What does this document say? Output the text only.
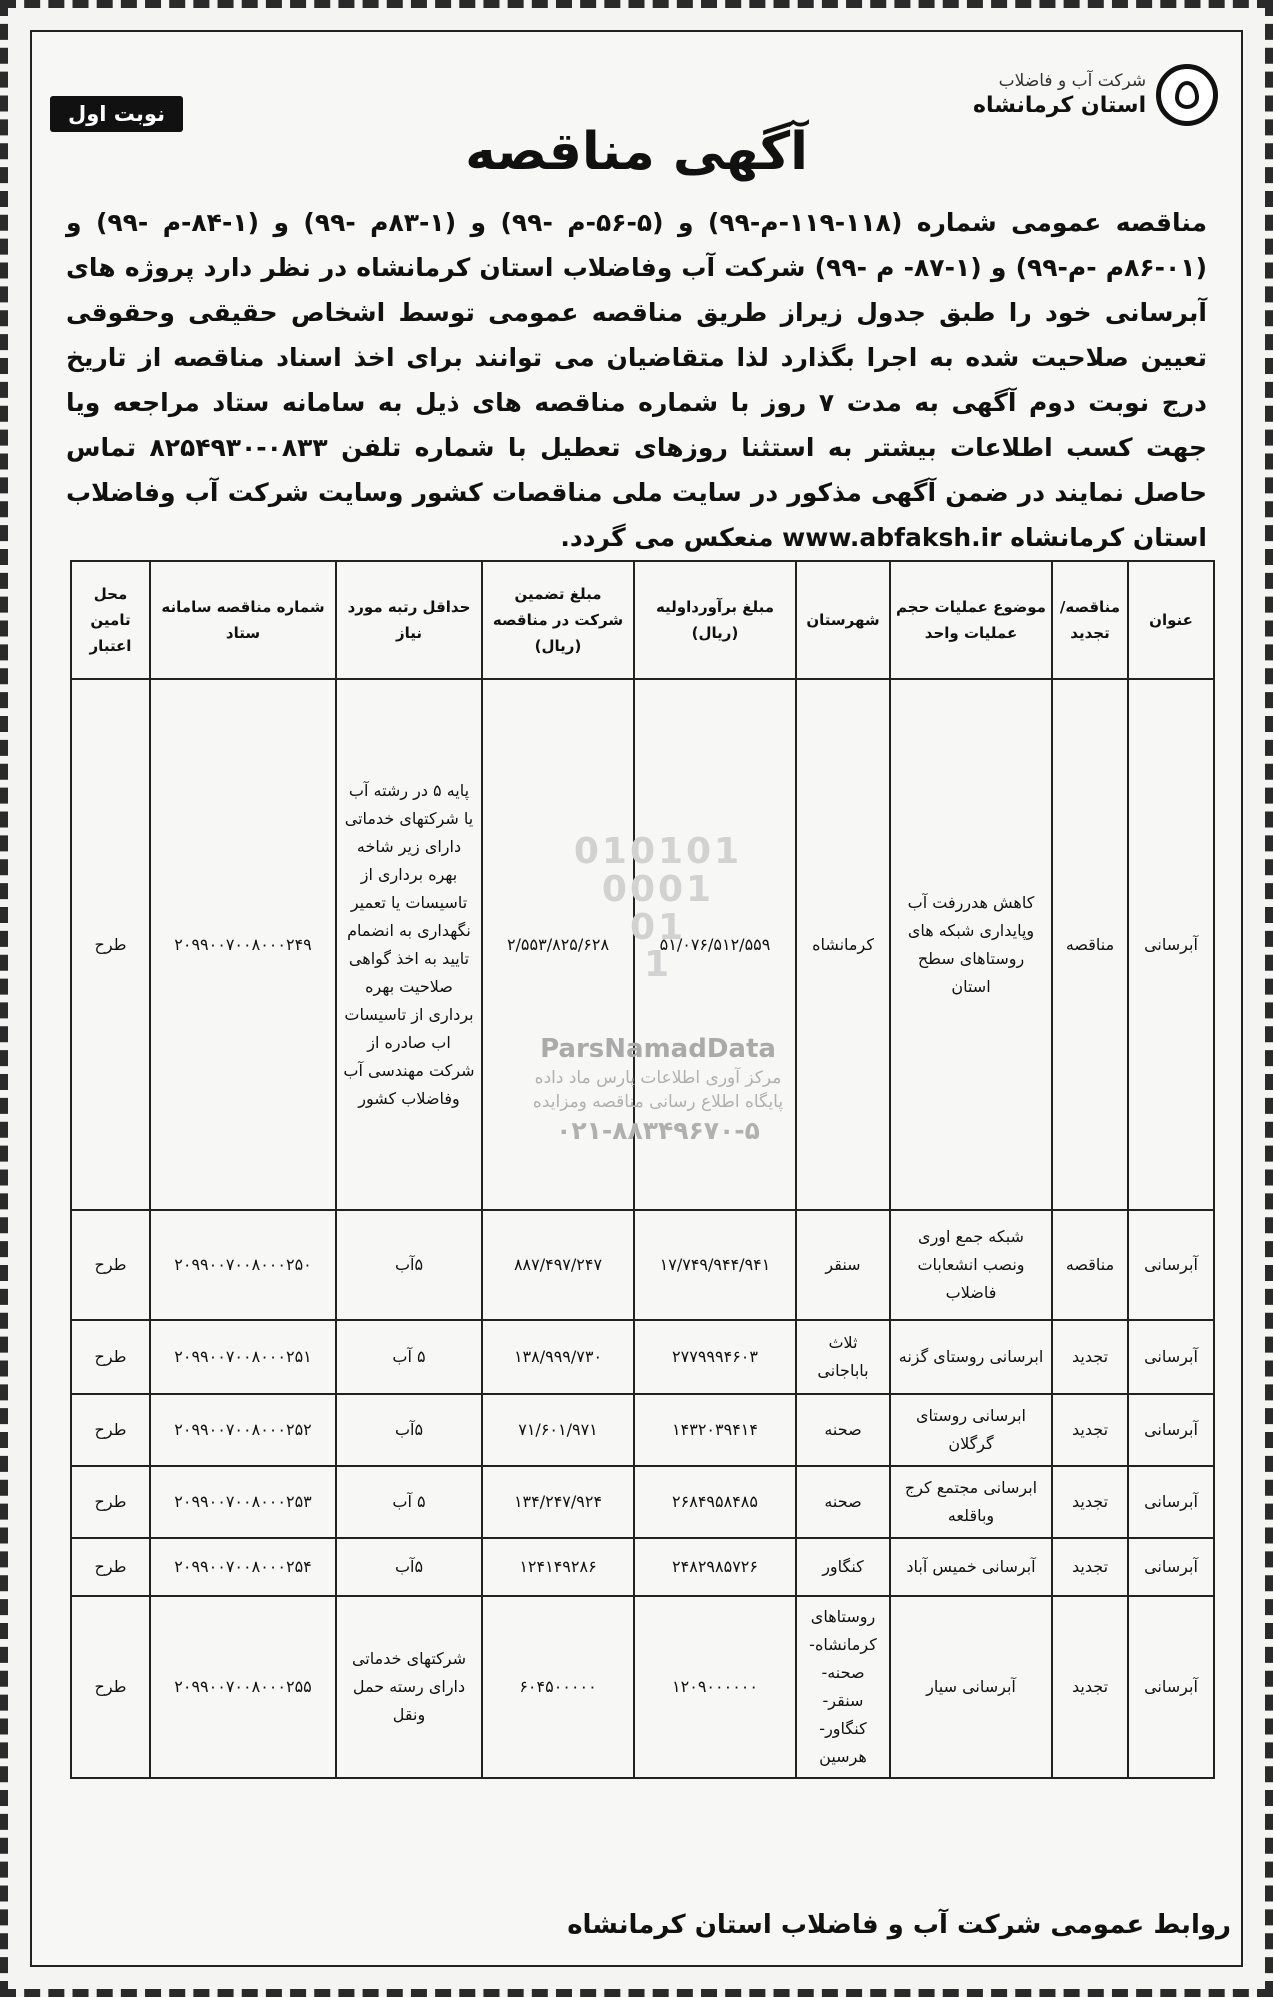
شرکت آب و فاضلاب
استان کرمانشاه
نوبت اول
آگهی مناقصه
مناقصه عمومی شماره (۱۱۸-۱۱۹-م-۹۹) و (۵-۵۶-م -۹۹) و (۱-۸۳م -۹۹) و (۱-۸۴-م -۹۹) و (۰۱-۸۶م -م-۹۹) و (۱-۸۷- م -۹۹) شرکت آب وفاضلاب استان کرمانشاه در نظر دارد پروژه های آبرسانی خود را طبق جدول زیراز طریق مناقصه عمومی توسط اشخاص حقیقی وحقوقی تعیین صلاحیت شده به اجرا بگذارد لذا متقاضیان می توانند برای اخذ اسناد مناقصه از تاریخ درج نوبت دوم آگهی به مدت ۷ روز با شماره مناقصه های ذیل به سامانه ستاد مراجعه ویا جهت کسب اطلاعات بیشتر به استثنا روزهای تعطیل با شماره تلفن ۰۸۳۳-۸۲۵۴۹۳۰ تماس حاصل نمایند در ضمن آگهی مذکور در سایت ملی مناقصات کشور وسایت شرکت آب وفاضلاب استان کرمانشاه www.abfaksh.ir منعکس می گردد.
عنوان	مناقصه/ تجدید	موضوع عملیات حجم عملیات واحد	شهرستان	مبلغ برآورداولیه (ریال)	مبلغ تضمین شرکت در مناقصه (ریال)	حداقل رتبه مورد نیاز	شماره مناقصه سامانه ستاد	محل تامین اعتبار
آبرسانی	مناقصه	کاهش هدررفت آب وپایداری شبکه های روستاهای سطح استان	کرمانشاه	۵۱/۰۷۶/۵۱۲/۵۵۹	۲/۵۵۳/۸۲۵/۶۲۸	پایه ۵ در رشته آب یا شرکتهای خدماتی دارای زیر شاخه بهره برداری از تاسیسات یا تعمیر نگهداری به انضمام تایید به اخذ گواهی صلاحیت بهره برداری از تاسیسات اب صادره از شرکت مهندسی آب وفاضلاب کشور	۲۰۹۹۰۰۷۰۰۸۰۰۰۲۴۹	طرح
آبرسانی	مناقصه	شبکه جمع اوری ونصب انشعابات فاضلاب	سنقر	۱۷/۷۴۹/۹۴۴/۹۴۱	۸۸۷/۴۹۷/۲۴۷	۵آب	۲۰۹۹۰۰۷۰۰۸۰۰۰۲۵۰	طرح
آبرسانی	تجدید	ابرسانی روستای گزنه	ثلاث باباجانی	۲۷۷۹۹۹۴۶۰۳	۱۳۸/۹۹۹/۷۳۰	۵ آب	۲۰۹۹۰۰۷۰۰۸۰۰۰۲۵۱	طرح
آبرسانی	تجدید	ابرسانی روستای گرگلان	صحنه	۱۴۳۲۰۳۹۴۱۴	۷۱/۶۰۱/۹۷۱	۵آب	۲۰۹۹۰۰۷۰۰۸۰۰۰۲۵۲	طرح
آبرسانی	تجدید	ابرسانی مجتمع کرج وباقلعه	صحنه	۲۶۸۴۹۵۸۴۸۵	۱۳۴/۲۴۷/۹۲۴	۵ آب	۲۰۹۹۰۰۷۰۰۸۰۰۰۲۵۳	طرح
آبرسانی	تجدید	آبرسانی خمیس آباد	کنگاور	۲۴۸۲۹۸۵۷۲۶	۱۲۴۱۴۹۲۸۶	۵آب	۲۰۹۹۰۰۷۰۰۸۰۰۰۲۵۴	طرح
آبرسانی	تجدید	آبرسانی سیار	روستاهای کرمانشاه-صحنه-سنقر-کنگاور-هرسین	۱۲۰۹۰۰۰۰۰۰	۶۰۴۵۰۰۰۰۰	شرکتهای خدماتی دارای رسته حمل ونقل	۲۰۹۹۰۰۷۰۰۸۰۰۰۲۵۵	طرح
010101
0001
01
1
ParsNamadData
مرکز آوری اطلاعات پارس ماد داده
پایگاه اطلاع رسانی مناقصه ومزایده
۰۲۱-۸۸۳۴۹۶۷۰-۵
روابط عمومی شرکت آب و فاضلاب استان کرمانشاه
